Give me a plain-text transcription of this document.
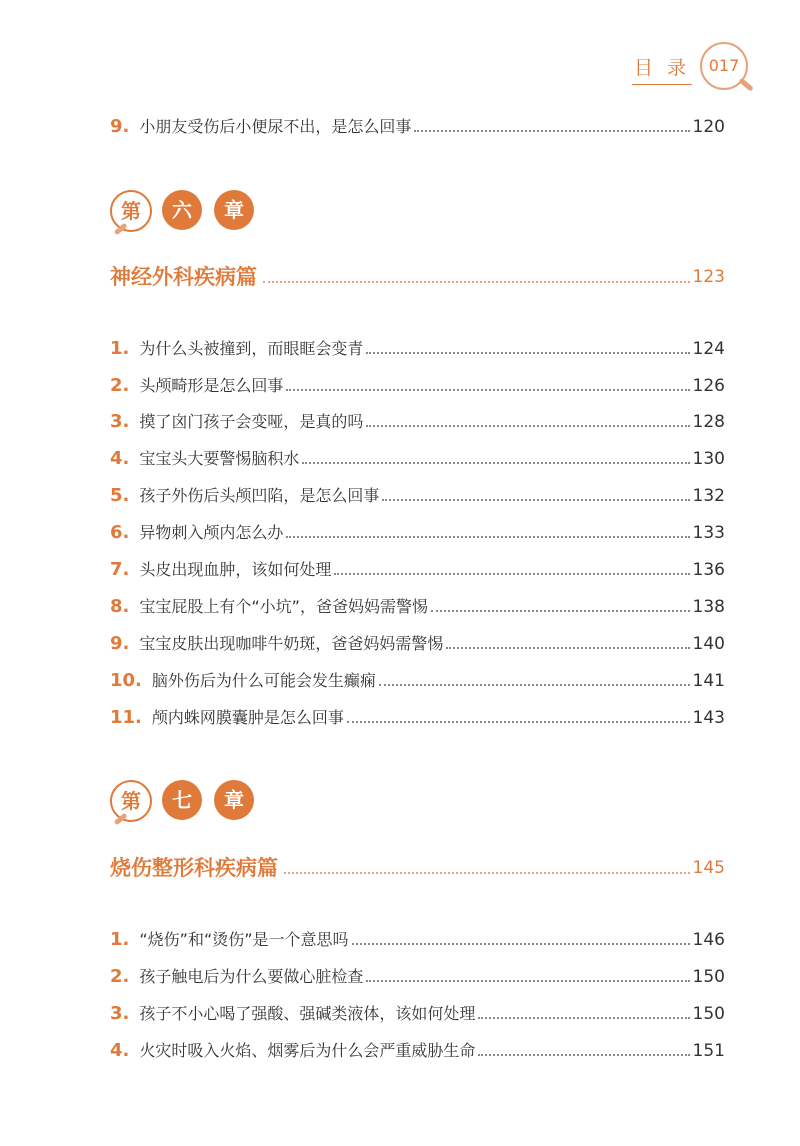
目录 017
9. 小朋友受伤后小便尿不出，是怎么回事	120
第	六	章
神经外科疾病篇	123
1. 为什么头被撞到，而眼眶会变青	124
2. 头颅畸形是怎么回事	126
3. 摸了囟门孩子会变哑，是真的吗	128
4. 宝宝头大要警惕脑积水	130
5. 孩子外伤后头颅凹陷，是怎么回事	132
6. 异物刺入颅内怎么办	133
7. 头皮出现血肿，该如何处理	136
8. 宝宝屁股上有个“小坑”，爸爸妈妈需警惕	138
9. 宝宝皮肤出现咖啡牛奶斑，爸爸妈妈需警惕	140
10. 脑外伤后为什么可能会发生癫痫	141
11. 颅内蛛网膜囊肿是怎么回事	143
第	七	章
烧伤整形科疾病篇	145
1. “烧伤”和“烫伤”是一个意思吗	146
2. 孩子触电后为什么要做心脏检查	150
3. 孩子不小心喝了强酸、强碱类液体，该如何处理	150
4. 火灾时吸入火焰、烟雾后为什么会严重威胁生命	151
